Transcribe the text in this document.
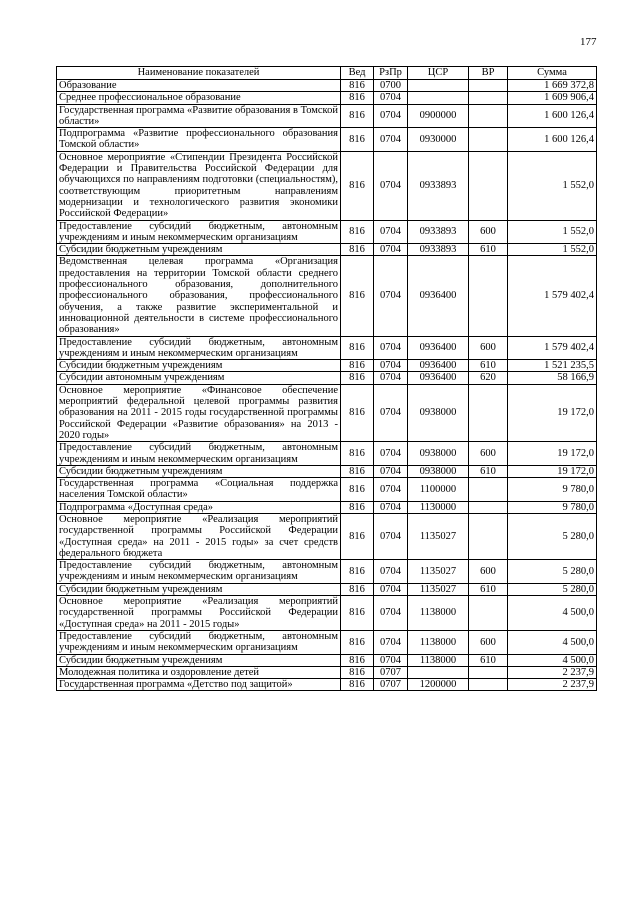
177
Наименование показателей	Вед	РзПр	ЦСР	ВР	Сумма
Образование	816	0700			1 669 372,8
Среднее профессиональное образование	816	0704			1 609 906,4
Государственная программа «Развитие образования в Томской области»	816	0704	0900000		1 600 126,4
Подпрограмма «Развитие профессионального образования Томской области»	816	0704	0930000		1 600 126,4
Основное мероприятие «Стипендии Президента Российской Федерации и Правительства Российской Федерации для обучающихся по направлениям подготовки (специальностям), соответствующим приоритетным направлениям модернизации и технологического развития экономики Российской Федерации»	816	0704	0933893		1 552,0
Предоставление субсидий бюджетным, автономным учреждениям и иным некоммерческим организациям	816	0704	0933893	600	1 552,0
Субсидии бюджетным учреждениям	816	0704	0933893	610	1 552,0
Ведомственная целевая программа «Организация предоставления на территории Томской области среднего профессионального образования, дополнительного профессионального образования, профессионального обучения, а также развитие экспериментальной и инновационной деятельности в системе профессионального образования»	816	0704	0936400		1 579 402,4
Предоставление субсидий бюджетным, автономным учреждениям и иным некоммерческим организациям	816	0704	0936400	600	1 579 402,4
Субсидии бюджетным учреждениям	816	0704	0936400	610	1 521 235,5
Субсидии автономным учреждениям	816	0704	0936400	620	58 166,9
Основное мероприятие «Финансовое обеспечение мероприятий федеральной целевой программы развития образования на 2011 - 2015 годы государственной программы Российской Федерации «Развитие образования» на 2013 - 2020 годы»	816	0704	0938000		19 172,0
Предоставление субсидий бюджетным, автономным учреждениям и иным некоммерческим организациям	816	0704	0938000	600	19 172,0
Субсидии бюджетным учреждениям	816	0704	0938000	610	19 172,0
Государственная программа «Социальная поддержка населения Томской области»	816	0704	1100000		9 780,0
Подпрограмма «Доступная среда»	816	0704	1130000		9 780,0
Основное мероприятие «Реализация мероприятий государственной программы Российской Федерации «Доступная среда» на 2011 - 2015 годы» за счет средств федерального бюджета	816	0704	1135027		5 280,0
Предоставление субсидий бюджетным, автономным учреждениям и иным некоммерческим организациям	816	0704	1135027	600	5 280,0
Субсидии бюджетным учреждениям	816	0704	1135027	610	5 280,0
Основное мероприятие «Реализация мероприятий государственной программы Российской Федерации «Доступная среда» на 2011 - 2015 годы»	816	0704	1138000		4 500,0
Предоставление субсидий бюджетным, автономным учреждениям и иным некоммерческим организациям	816	0704	1138000	600	4 500,0
Субсидии бюджетным учреждениям	816	0704	1138000	610	4 500,0
Молодежная политика и оздоровление детей	816	0707			2 237,9
Государственная программа «Детство под защитой»	816	0707	1200000		2 237,9
